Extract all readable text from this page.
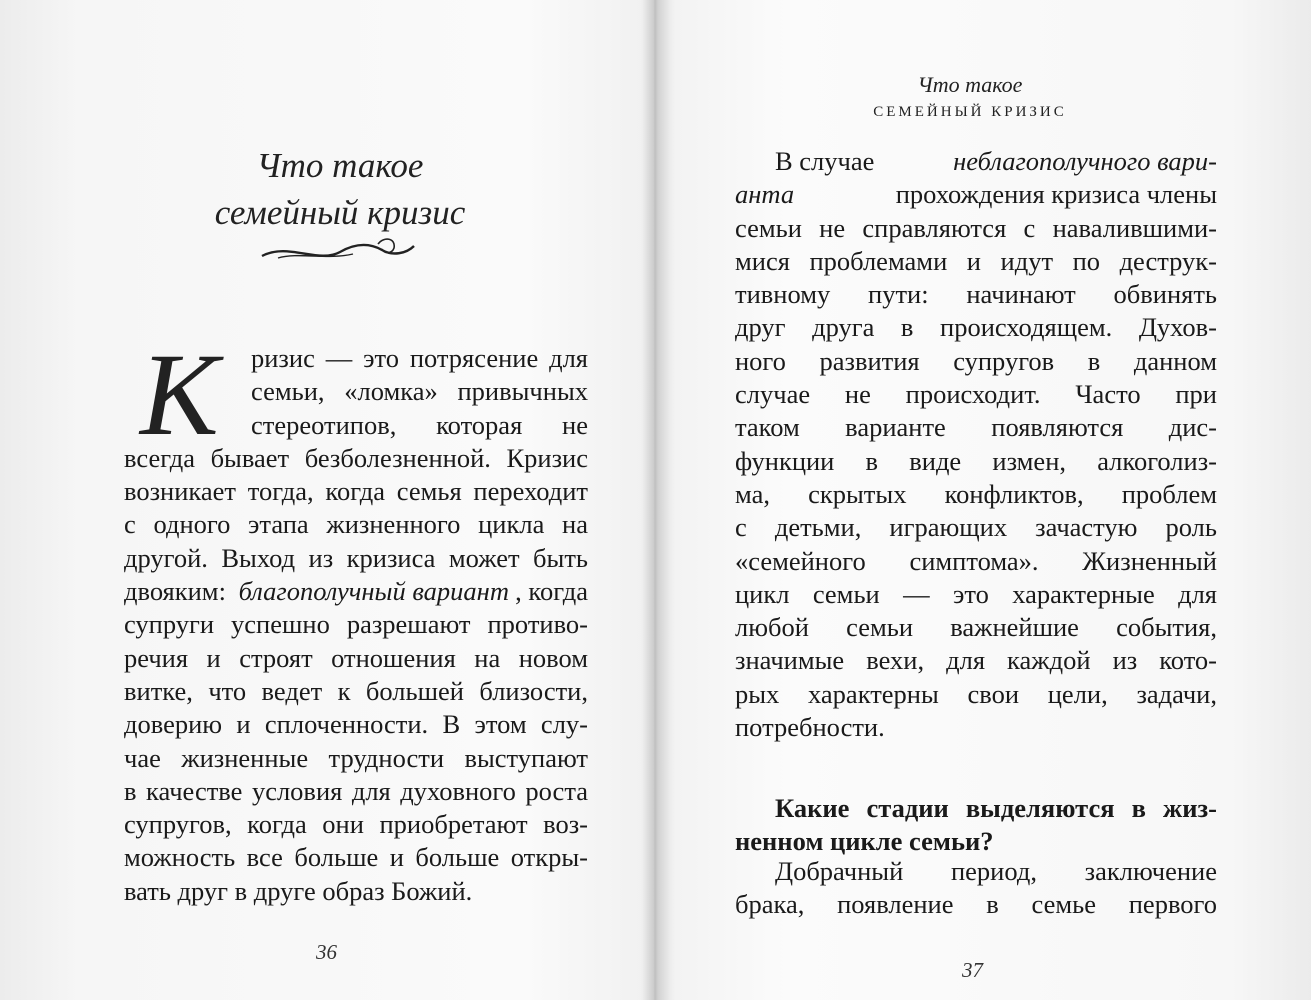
Что такое
семейный кризис
К ризис — это потрясение для
семьи, «ломка» привычных
стереотипов, которая не
всегда бывает безболезненной. Кризис
возникает тогда, когда семья переходит
с одного этапа жизненного цикла на
другой. Выход из кризиса может быть
двояким: благополучный вариант , когда
супруги успешно разрешают противо-
речия и строят отношения на новом
витке, что ведет к большей близости,
доверию и сплоченности. В этом слу-
чае жизненные трудности выступают
в качестве условия для духовного роста
супругов, когда они приобретают воз-
можность все больше и больше откры-
вать друг в друге образ Божий.
36
Что такое
СЕМЕЙНЫЙ КРИЗИС
В случае	неблагополучного вари-
анта	прохождения кризиса члены
семьи не справляются с навалившими-
мися проблемами и идут по деструк-
тивному пути: начинают обвинять
друг друга в происходящем. Духов-
ного развития супругов в данном
случае не происходит. Часто при
таком варианте появляются дис-
функции в виде измен, алкоголиз-
ма, скрытых конфликтов, проблем
с детьми, играющих зачастую роль
«семейного симптома». Жизненный
цикл семьи — это характерные для
любой семьи важнейшие события,
значимые вехи, для каждой из кото-
рых характерны свои цели, задачи,
потребности.
Какие стадии выделяются в жиз-
ненном цикле семьи?
Добрачный период, заключение
брака, появление в семье первого
37
